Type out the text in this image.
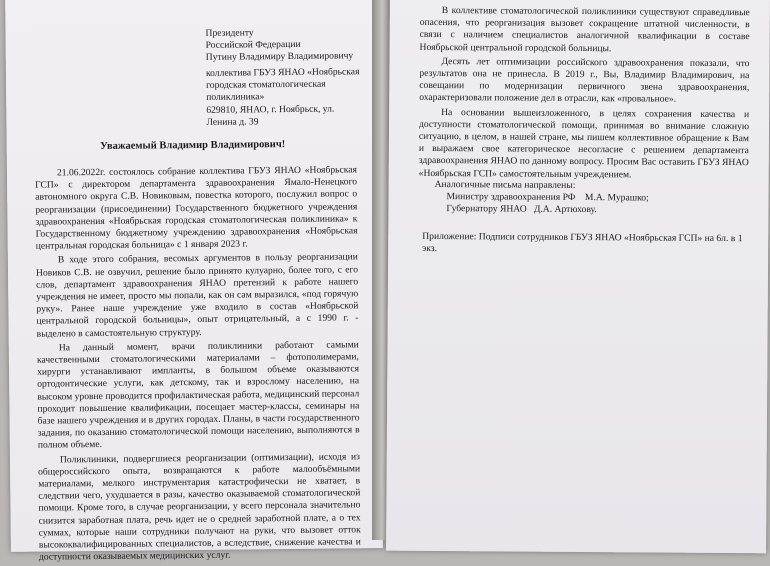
Президенту

Российской Федерации

Путину Владимиру Владимировичу

коллектива ГБУЗ ЯНАО «Ноябрьская

городская стоматологическая

поликлиника»

629810, ЯНАО, г. Ноябрьск, ул.

Ленина д. 39

Уважаемый Владимир Владимирович!

21.06.2022г. состоялось собрание коллектива ГБУЗ ЯНАО «Ноябрьская ГСП» с директором департамента здравоохранения Ямало-Ненецкого автономного округа С.В. Новиковым, повестка которого, послужил вопрос о реорганизации (присоединении) Государственного бюджетного учреждения здравоохранения «Ноябрьская городская стоматологическая поликлиника» к Государственному бюджетному учреждению здравоохранения «Ноябрьская центральная городская больница» с 1 января 2023 г.

В ходе этого собрания, весомых аргументов в пользу реорганизации Новиков С.В. не озвучил, решение было принято кулуарно, более того, с его слов, департамент здравоохранения ЯНАО претензий к работе нашего учреждения не имеет, просто мы попали, как он сам выразился, «под горячую руку». Ранее наше учреждение уже входило в состав «Ноябрьской центральной городской больницы», опыт отрицательный, а с 1990 г. - выделено в самостоятельную структуру.

На данный момент, врачи поликлиники работают самыми качественными стоматологическими материалами – фотополимерами, хирурги устанавливают импланты, в большом объеме оказываются ортодонтические услуги, как детскому, так и взрослому населению, на высоком уровне проводится профилактическая работа, медицинский персонал проходит повышение квалификации, посещает мастер-классы, семинары на базе нашего учреждения и в других городах. Планы, в части государственного задания, по оказанию стоматологической помощи населению, выполняются в полном объеме.

Поликлиники, подвергшиеся реорганизации (оптимизации), исходя из общероссийского опыта, возвращаются к работе малообъёмными материалами, мелкого инструментария катастрофически не хватает, в следствии чего, ухудшается в разы, качество оказываемой стоматологической помощи. Кроме того, в случае реорганизации, у всего персонала значительно снизится заработная плата, речь идет не о средней заработной плате, а о тех суммах, которые наши сотрудники получают на руки, что вызовет отток высококвалифицированных специалистов, а вследствие, снижение качества и доступности оказываемых медицинских услуг.

В коллективе стоматологической поликлиники существуют справедливые опасения, что реорганизация вызовет сокращение штатной численности, в связи с наличием специалистов аналогичной квалификации в составе Ноябрьской центральной городской больницы.

Десять лет оптимизации российского здравоохранения показали, что результатов она не принесла. В 2019 г., Вы, Владимир Владимирович, на совещании по модернизации первичного звена здравоохранения, охарактеризовали положение дел в отрасли, как «провальное».

На основании вышеизложенного, в целях сохранения качества и доступности стоматологической помощи, принимая во внимание сложную ситуацию, в целом, в нашей стране, мы пишем коллективное обращение к Вам и выражаем свое категорическое несогласие с решением департамента здравоохранения ЯНАО по данному вопросу. Просим Вас оставить ГБУЗ ЯНАО «Ноябрьская ГСП» самостоятельным учреждением.

Аналогичные письма направлены:

Министру здравоохранения РФ    М.А. Мурашко;

Губернатору ЯНАО   Д.А. Артюхову.

Приложение: Подписи сотрудников ГБУЗ ЯНАО «Ноябрьская ГСП» на 6л. в 1 экз.
